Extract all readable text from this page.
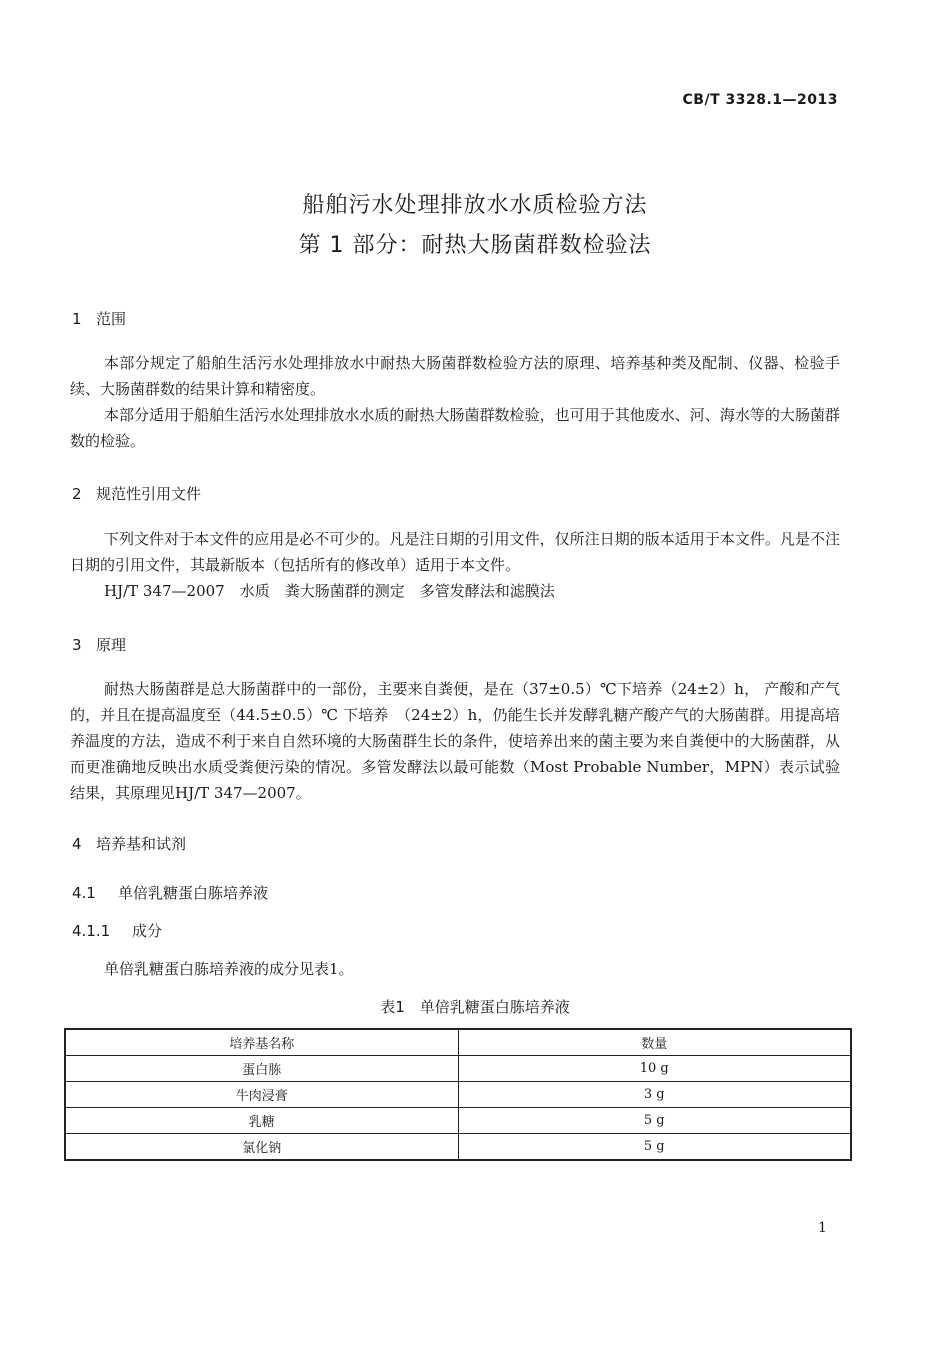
CB/T 3328.1—2013
船舶污水处理排放水水质检验方法
第 1 部分：耐热大肠菌群数检验法
1 范围

本部分规定了船舶生活污水处理排放水中耐热大肠菌群数检验方法的原理、培养基种类及配制、仪器、检验手续、大肠菌群数的结果计算和精密度。

本部分适用于船舶生活污水处理排放水水质的耐热大肠菌群数检验，也可用于其他废水、河、海水等的大肠菌群数的检验。

2 规范性引用文件

下列文件对于本文件的应用是必不可少的。凡是注日期的引用文件，仅所注日期的版本适用于本文件。凡是不注日期的引用文件，其最新版本（包括所有的修改单）适用于本文件。

HJ/T 347—2007　水质　粪大肠菌群的测定　多管发酵法和滤膜法
3 原理

耐热大肠菌群是总大肠菌群中的一部份，主要来自粪便，是在（37±0.5）℃下培养（24±2）h， 产酸和产气的，并且在提高温度至（44.5±0.5）℃ 下培养　（24±2）h，仍能生长并发酵乳糖产酸产气的大肠菌群。用提高培养温度的方法，造成不利于来自自然环境的大肠菌群生长的条件，使培养出来的菌主要为来自粪便中的大肠菌群，从而更准确地反映出水质受粪便污染的情况。多管发酵法以最可能数（Most Probable Number，MPN）表示试验结果，其原理见HJ/T 347—2007。

4 培养基和试剂
4.1 单倍乳糖蛋白胨培养液
4.1.1 成分

单倍乳糖蛋白胨培养液的成分见表1。

表1　单倍乳糖蛋白胨培养液
培养基名称	数量
蛋白胨	10 g
牛肉浸膏	3 g
乳糖	5 g
氯化钠	5 g
1
